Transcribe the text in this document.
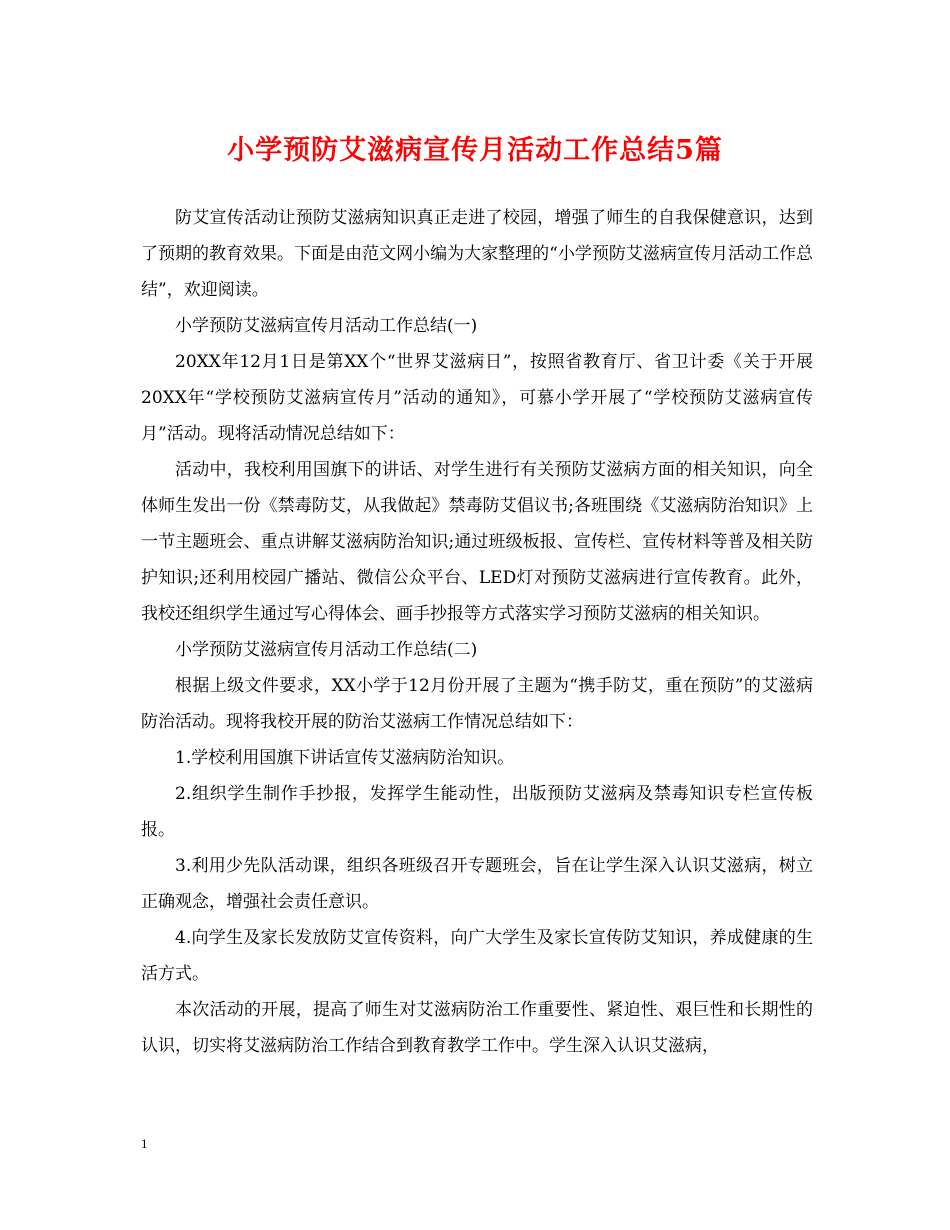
小学预防艾滋病宣传月活动工作总结5篇

防艾宣传活动让预防艾滋病知识真正走进了校园，增强了师生的自我保健意识，达到了预期的教育效果。下面是由范文网小编为大家整理的“小学预防艾滋病宣传月活动工作总结”，欢迎阅读。

小学预防艾滋病宣传月活动工作总结(一)

20XX年12月1日是第XX个“世界艾滋病日”，按照省教育厅、省卫计委《关于开展20XX年“学校预防艾滋病宣传月”活动的通知》，可慕小学开展了“学校预防艾滋病宣传月”活动。现将活动情况总结如下：

活动中，我校利用国旗下的讲话、对学生进行有关预防艾滋病方面的相关知识，向全体师生发出一份《禁毒防艾，从我做起》禁毒防艾倡议书;各班围绕《艾滋病防治知识》上一节主题班会、重点讲解艾滋病防治知识;通过班级板报、宣传栏、宣传材料等普及相关防护知识;还利用校园广播站、微信公众平台、LED灯对预防艾滋病进行宣传教育。此外，我校还组织学生通过写心得体会、画手抄报等方式落实学习预防艾滋病的相关知识。

小学预防艾滋病宣传月活动工作总结(二)

根据上级文件要求，XX小学于12月份开展了主题为“携手防艾，重在预防”的艾滋病防治活动。现将我校开展的防治艾滋病工作情况总结如下：

1.学校利用国旗下讲话宣传艾滋病防治知识。

2.组织学生制作手抄报，发挥学生能动性，出版预防艾滋病及禁毒知识专栏宣传板报。

3.利用少先队活动课，组织各班级召开专题班会，旨在让学生深入认识艾滋病，树立正确观念，增强社会责任意识。

4.向学生及家长发放防艾宣传资料，向广大学生及家长宣传防艾知识，养成健康的生活方式。

本次活动的开展，提高了师生对艾滋病防治工作重要性、紧迫性、艰巨性和长期性的认识，切实将艾滋病防治工作结合到教育教学工作中。学生深入认识艾滋病，

1
